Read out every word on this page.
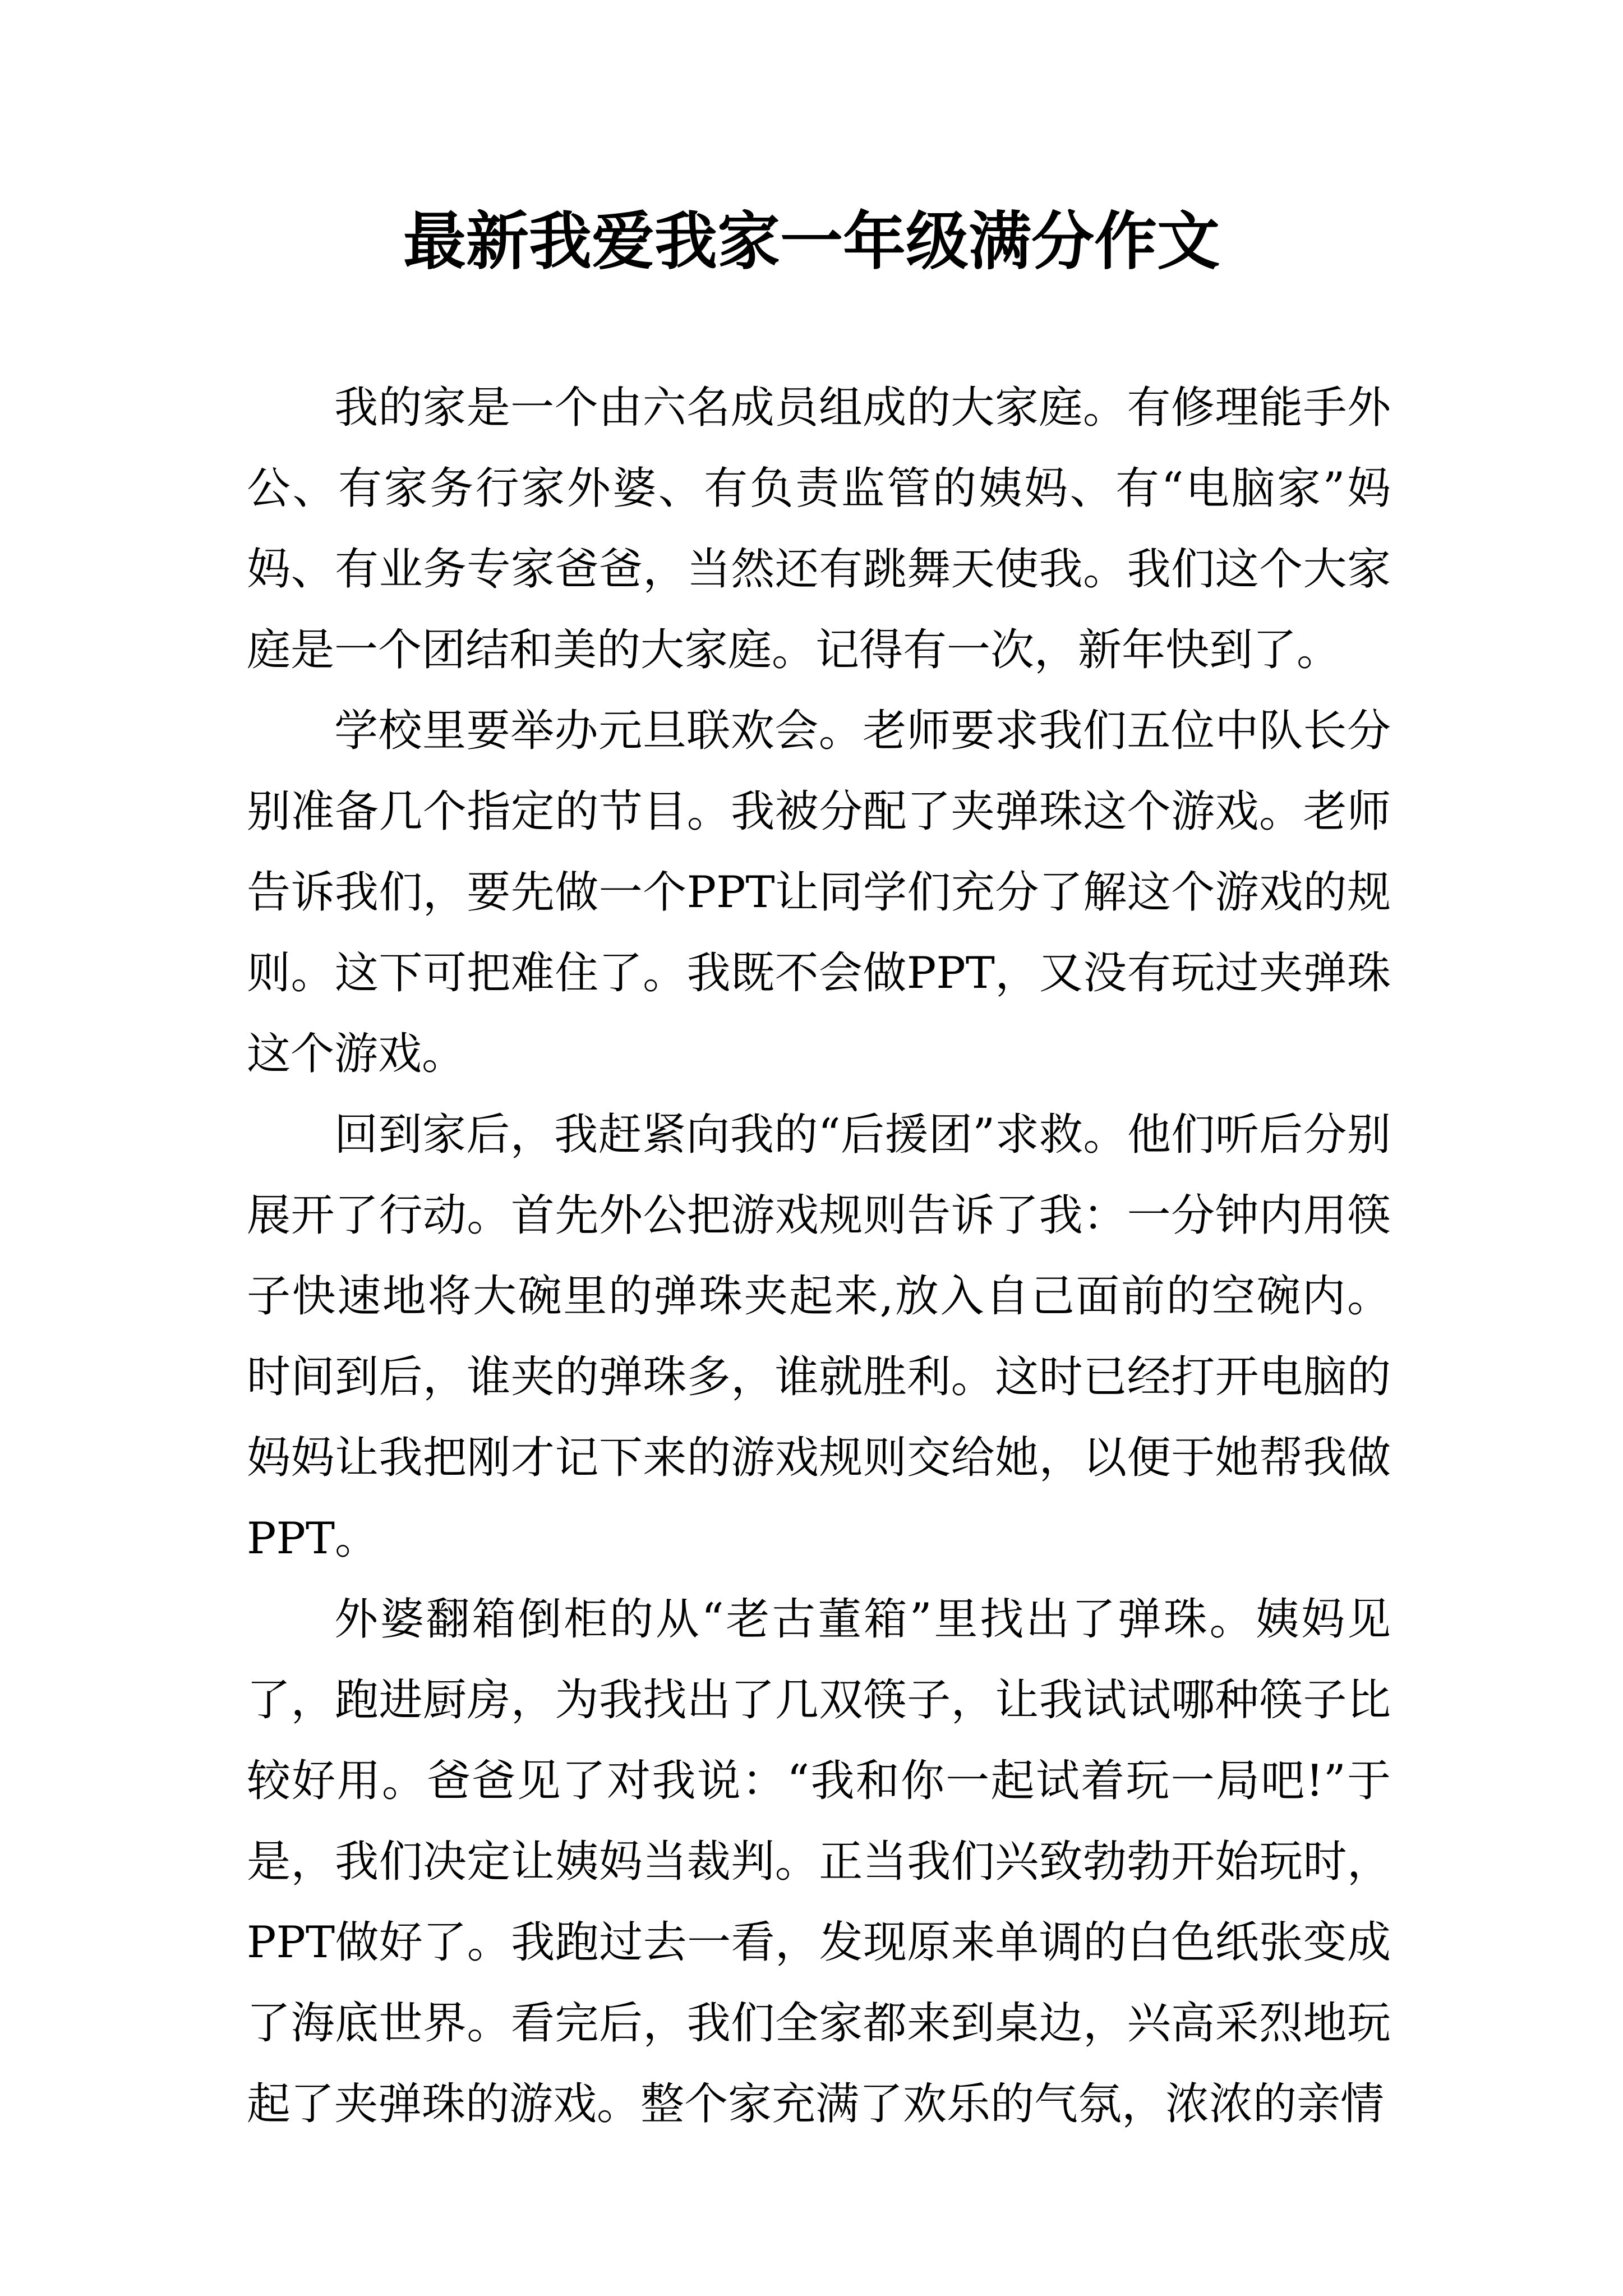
最新我爱我家一年级满分作文

我的家是一个由六名成员组成的大家庭。有修理能手外公、有家务行家外婆、有负责监管的姨妈、有“电脑家”妈妈、有业务专家爸爸，当然还有跳舞天使我。我们这个大家庭是一个团结和美的大家庭。记得有一次，新年快到了。

学校里要举办元旦联欢会。老师要求我们五位中队长分别准备几个指定的节目。我被分配了夹弹珠这个游戏。老师告诉我们，要先做一个PPT让同学们充分了解这个游戏的规则。这下可把难住了。我既不会做PPT，又没有玩过夹弹珠这个游戏。

回到家后，我赶紧向我的“后援团”求救。他们听后分别展开了行动。首先外公把游戏规则告诉了我：一分钟内用筷子快速地将大碗里的弹珠夹起来,放入自己面前的空碗内。时间到后，谁夹的弹珠多，谁就胜利。这时已经打开电脑的妈妈让我把刚才记下来的游戏规则交给她，以便于她帮我做PPT。

外婆翻箱倒柜的从“老古董箱”里找出了弹珠。姨妈见了，跑进厨房，为我找出了几双筷子，让我试试哪种筷子比较好用。爸爸见了对我说：“我和你一起试着玩一局吧!”于是，我们决定让姨妈当裁判。正当我们兴致勃勃开始玩时，PPT做好了。我跑过去一看，发现原来单调的白色纸张变成了海底世界。看完后，我们全家都来到桌边，兴高采烈地玩起了夹弹珠的游戏。整个家充满了欢乐的气氛，浓浓的亲情
